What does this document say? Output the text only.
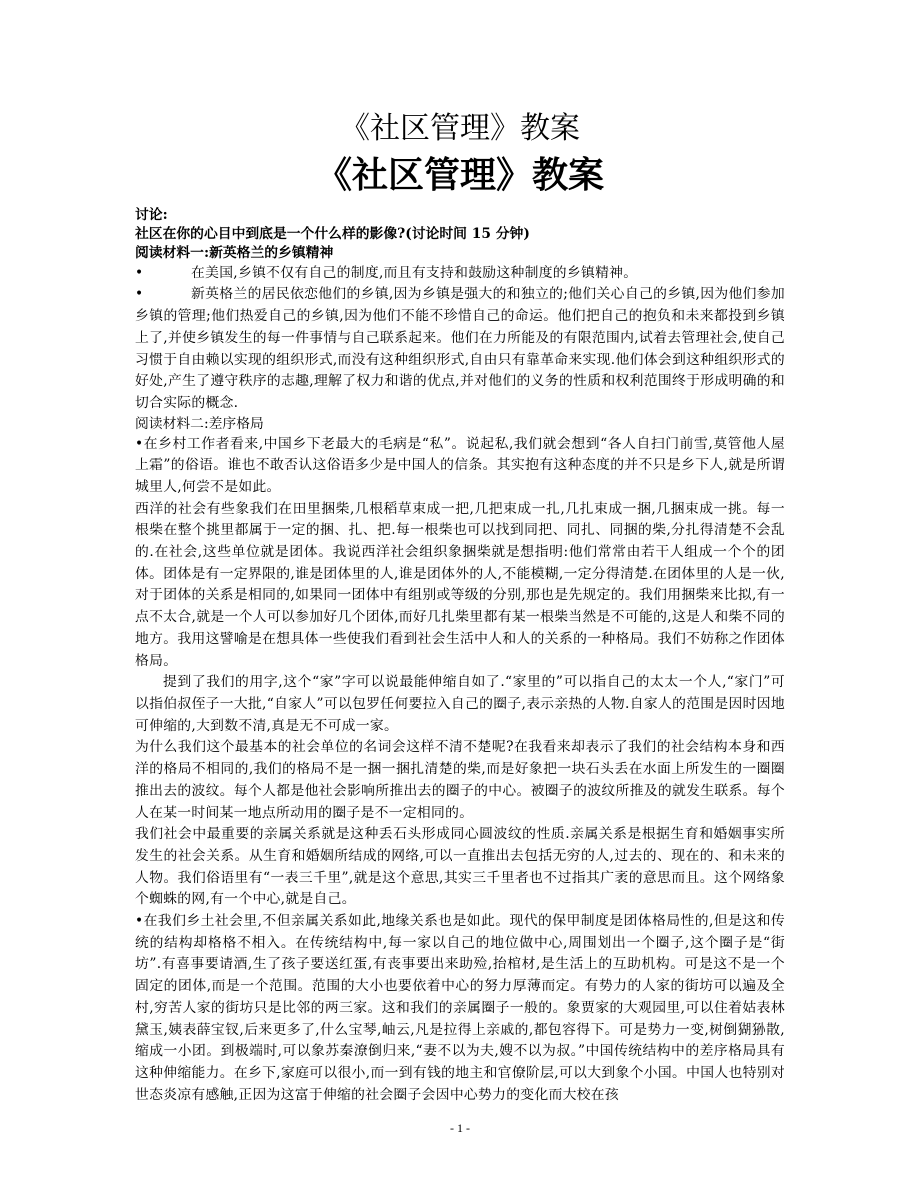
《社区管理》教案
《社区管理》教案

讨论:

社区在你的心目中到底是一个什么样的影像?(讨论时间 15 分钟)

阅读材料一:新英格兰的乡镇精神

•	在美国,乡镇不仅有自己的制度,而且有支持和鼓励这种制度的乡镇精神。

•	新英格兰的居民依恋他们的乡镇,因为乡镇是强大的和独立的;他们关心自己的乡镇,因为他们参加乡镇的管理;他们热爱自己的乡镇,因为他们不能不珍惜自己的命运。他们把自己的抱负和未来都投到乡镇上了,并使乡镇发生的每一件事情与自己联系起来。他们在力所能及的有限范围内,试着去管理社会,使自己习惯于自由赖以实现的组织形式,而没有这种组织形式,自由只有靠革命来实现.他们体会到这种组织形式的好处,产生了遵守秩序的志趣,理解了权力和谐的优点,并对他们的义务的性质和权利范围终于形成明确的和切合实际的概念.

阅读材料二:差序格局

•在乡村工作者看来,中国乡下老最大的毛病是“私”。说起私,我们就会想到“各人自扫门前雪,莫管他人屋上霜”的俗语。谁也不敢否认这俗语多少是中国人的信条。其实抱有这种态度的并不只是乡下人,就是所谓城里人,何尝不是如此。

西洋的社会有些象我们在田里捆柴,几根稻草束成一把,几把束成一扎,几扎束成一捆,几捆束成一挑。每一根柴在整个挑里都属于一定的捆、扎、把.每一根柴也可以找到同把、同扎、同捆的柴,分扎得清楚不会乱的.在社会,这些单位就是团体。我说西洋社会组织象捆柴就是想指明:他们常常由若干人组成一个个的团体。团体是有一定界限的,谁是团体里的人,谁是团体外的人,不能模糊,一定分得清楚.在团体里的人是一伙,对于团体的关系是相同的,如果同一团体中有组别或等级的分别,那也是先规定的。我们用捆柴来比拟,有一点不太合,就是一个人可以参加好几个团体,而好几扎柴里都有某一根柴当然是不可能的,这是人和柴不同的地方。我用这譬喻是在想具体一些使我们看到社会生活中人和人的关系的一种格局。我们不妨称之作团体格局。

提到了我们的用字,这个“家”字可以说最能伸缩自如了.“家里的”可以指自己的太太一个人,“家门”可以指伯叔侄子一大批,“自家人”可以包罗任何要拉入自己的圈子,表示亲热的人物.自家人的范围是因时因地可伸缩的,大到数不清,真是无不可成一家。

为什么我们这个最基本的社会单位的名词会这样不清不楚呢?在我看来却表示了我们的社会结构本身和西洋的格局不相同的,我们的格局不是一捆一捆扎清楚的柴,而是好象把一块石头丢在水面上所发生的一圈圈推出去的波纹。每个人都是他社会影响所推出去的圈子的中心。被圈子的波纹所推及的就发生联系。每个人在某一时间某一地点所动用的圈子是不一定相同的。

我们社会中最重要的亲属关系就是这种丢石头形成同心圆波纹的性质.亲属关系是根据生育和婚姻事实所发生的社会关系。从生育和婚姻所结成的网络,可以一直推出去包括无穷的人,过去的、现在的、和未来的人物。我们俗语里有“一表三千里”,就是这个意思,其实三千里者也不过指其广袤的意思而且。这个网络象个蜘蛛的网,有一个中心,就是自己。

•在我们乡土社会里,不但亲属关系如此,地缘关系也是如此。现代的保甲制度是团体格局性的,但是这和传统的结构却格格不相入。在传统结构中,每一家以自己的地位做中心,周围划出一个圈子,这个圈子是“街坊”.有喜事要请酒,生了孩子要送红蛋,有丧事要出来助殓,抬棺材,是生活上的互助机构。可是这不是一个固定的团体,而是一个范围。范围的大小也要依着中心的努力厚薄而定。有势力的人家的街坊可以遍及全村,穷苦人家的街坊只是比邻的两三家。这和我们的亲属圈子一般的。象贾家的大观园里,可以住着姑表林黛玉,姨表薛宝钗,后来更多了,什么宝琴,岫云,凡是拉得上亲戚的,都包容得下。可是势力一变,树倒猢狲散,缩成一小团。到极端时,可以象苏秦潦倒归来,“妻不以为夫,嫂不以为叔。”中国传统结构中的差序格局具有这种伸缩能力。在乡下,家庭可以很小,而一到有钱的地主和官僚阶层,可以大到象个小国。中国人也特别对世态炎凉有感触,正因为这富于伸缩的社会圈子会因中心势力的变化而大校在孩

- 1 -
